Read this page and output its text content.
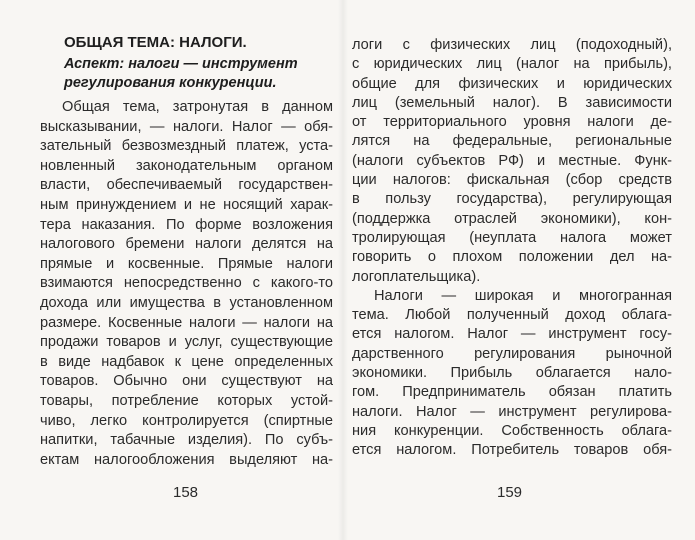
ОБЩАЯ ТЕМА: НАЛОГИ.
Аспект: налоги — инструмент
регулирования конкуренции.
Общая тема, затронутая в данном
высказывании, — налоги. Налог — обя-
зательный безвозмездный платеж, уста-
новленный законодательным органом
власти, обеспечиваемый государствен-
ным принуждением и не носящий харак-
тера наказания. По форме возложения
налогового бремени налоги делятся на
прямые и косвенные. Прямые налоги
взимаются непосредственно с какого-то
дохода или имущества в установленном
размере. Косвенные налоги — налоги на
продажи товаров и услуг, существующие
в виде надбавок к цене определенных
товаров. Обычно они существуют на
товары, потребление которых устой-
чиво, легко контролируется (спиртные
напитки, табачные изделия). По субъ-
ектам налогообложения выделяют на-
158
логи с физических лиц (подоходный),
с юридических лиц (налог на прибыль),
общие для физических и юридических
лиц (земельный налог). В зависимости
от территориального уровня налоги де-
лятся на федеральные, региональные
(налоги субъектов РФ) и местные. Функ-
ции налогов: фискальная (сбор средств
в пользу государства), регулирующая
(поддержка отраслей экономики), кон-
тролирующая (неуплата налога может
говорить о плохом положении дел на-
логоплательщика).
Налоги — широкая и многогранная
тема. Любой полученный доход облага-
ется налогом. Налог — инструмент госу-
дарственного регулирования рыночной
экономики. Прибыль облагается нало-
гом. Предприниматель обязан платить
налоги. Налог — инструмент регулирова-
ния конкуренции. Собственность облага-
ется налогом. Потребитель товаров обя-
159
